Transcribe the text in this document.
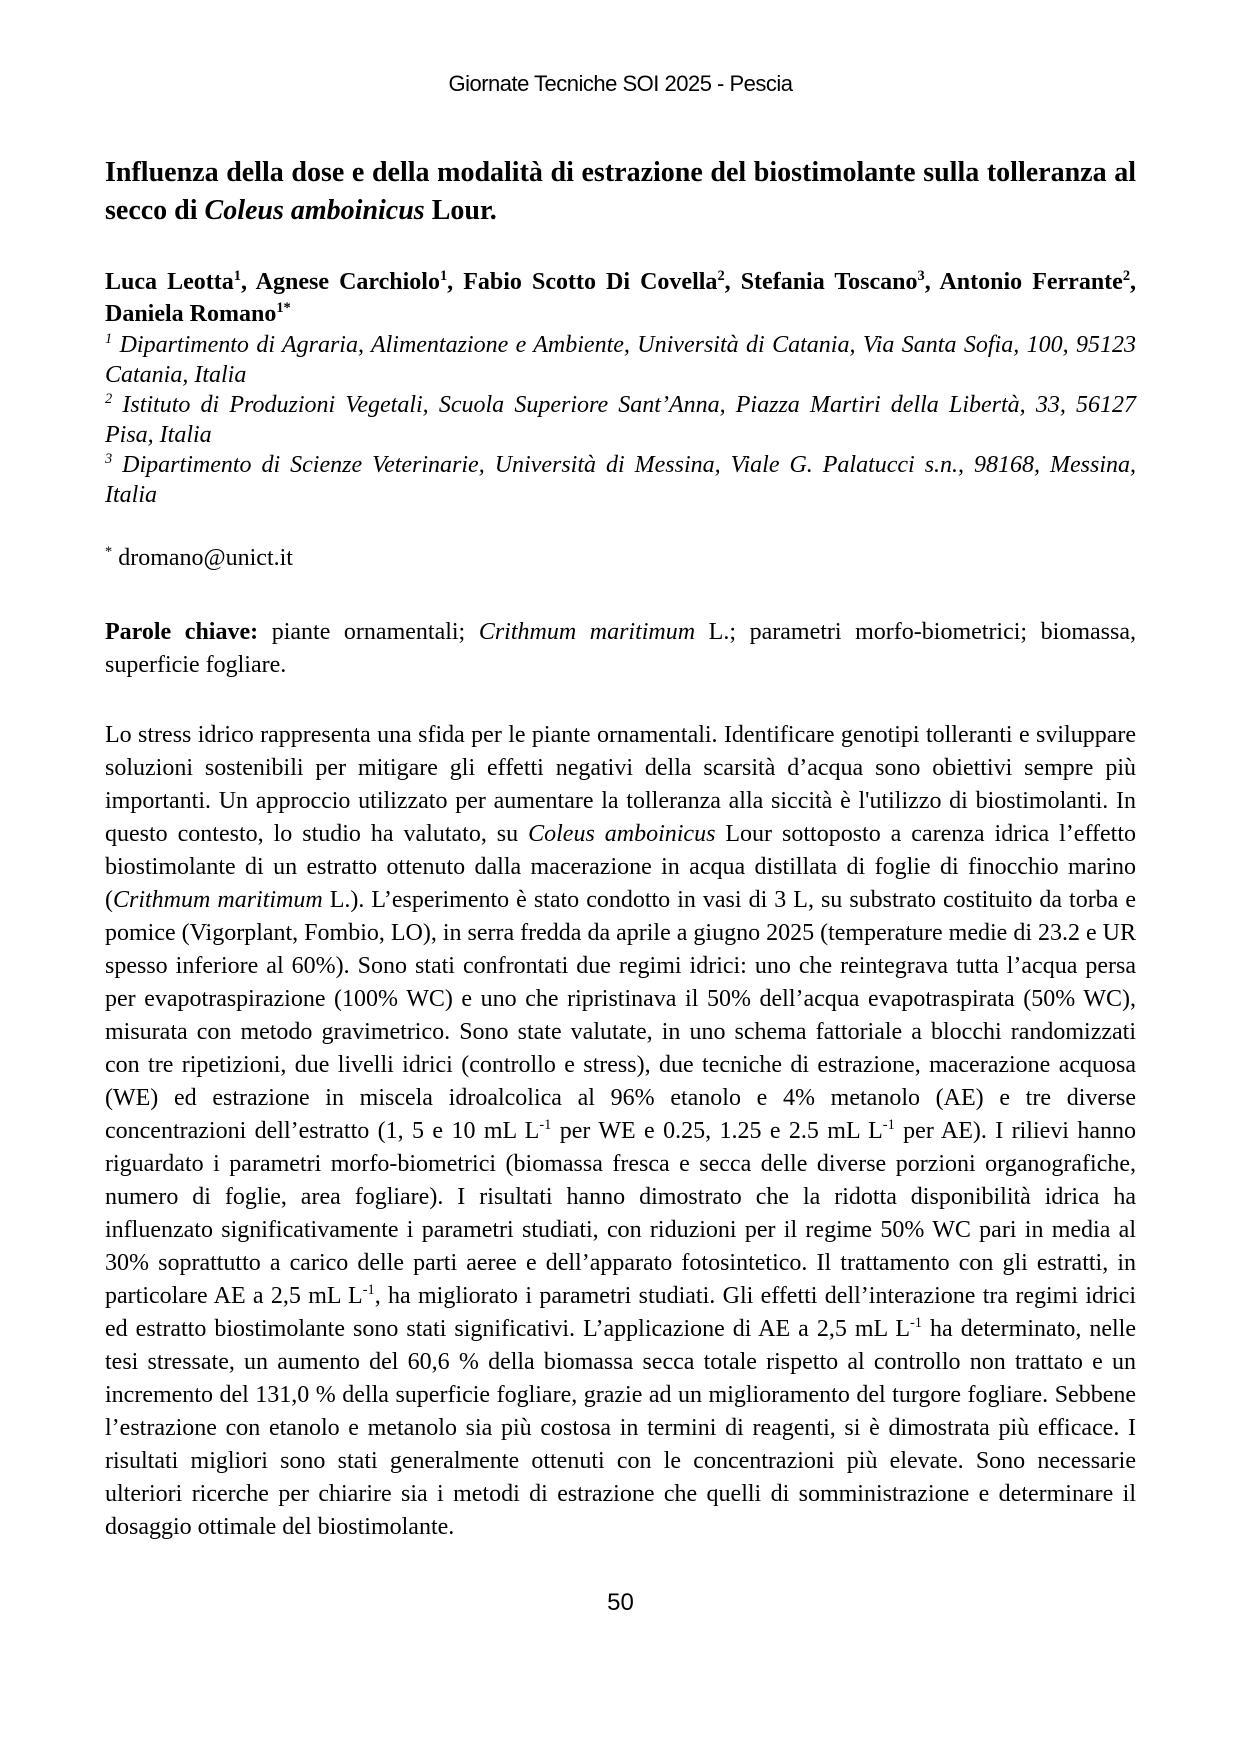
Giornate Tecniche SOI 2025 - Pescia
Influenza della dose e della modalità di estrazione del biostimolante sulla tolleranza al secco di Coleus amboinicus Lour.
Luca Leotta$^1$, Agnese Carchiolo$^1$, Fabio Scotto Di Covella$^2$, Stefania Toscano$^3$, Antonio Ferrante$^2$, Daniela Romano$^{1*}$
$^1$ Dipartimento di Agraria, Alimentazione e Ambiente, Università di Catania, Via Santa Sofia, 100, 95123 Catania, Italia
$^2$ Istituto di Produzioni Vegetali, Scuola Superiore Sant’Anna, Piazza Martiri della Libertà, 33, 56127 Pisa, Italia
$^3$ Dipartimento di Scienze Veterinarie, Università di Messina, Viale G. Palatucci s.n., 98168, Messina, Italia
* dromano@unict.it
Parole chiave: piante ornamentali; Crithmum maritimum L.; parametri morfo-biometrici; biomassa, superficie fogliare.
Lo stress idrico rappresenta una sfida per le piante ornamentali. Identificare genotipi tolleranti e sviluppare soluzioni sostenibili per mitigare gli effetti negativi della scarsità d’acqua sono obiettivi sempre più importanti. Un approccio utilizzato per aumentare la tolleranza alla siccità è l'utilizzo di biostimolanti. In questo contesto, lo studio ha valutato, su Coleus amboinicus Lour sottoposto a carenza idrica l’effetto biostimolante di un estratto ottenuto dalla macerazione in acqua distillata di foglie di finocchio marino (Crithmum maritimum L.). L’esperimento è stato condotto in vasi di 3 L, su substrato costituito da torba e pomice (Vigorplant, Fombio, LO), in serra fredda da aprile a giugno 2025 (temperature medie di 23.2 e UR spesso inferiore al 60%). Sono stati confrontati due regimi idrici: uno che reintegrava tutta l’acqua persa per evapotraspirazione (100% WC) e uno che ripristinava il 50% dell’acqua evapotraspirata (50% WC), misurata con metodo gravimetrico. Sono state valutate, in uno schema fattoriale a blocchi randomizzati con tre ripetizioni, due livelli idrici (controllo e stress), due tecniche di estrazione, macerazione acquosa (WE) ed estrazione in miscela idroalcolica al 96% etanolo e 4% metanolo (AE) e tre diverse concentrazioni dell’estratto (1, 5 e 10 mL $L^{-1}$ per WE e 0.25, 1.25 e 2.5 mL $L^{-1}$ per AE). I rilievi hanno riguardato i parametri morfo-biometrici (biomassa fresca e secca delle diverse porzioni organografiche, numero di foglie, area fogliare). I risultati hanno dimostrato che la ridotta disponibilità idrica ha influenzato significativamente i parametri studiati, con riduzioni per il regime 50% WC pari in media al 30% soprattutto a carico delle parti aeree e dell’apparato fotosintetico. Il trattamento con gli estratti, in particolare AE a 2,5 mL $L^{-1}$, ha migliorato i parametri studiati. Gli effetti dell’interazione tra regimi idrici ed estratto biostimolante sono stati significativi. L’applicazione di AE a 2,5 mL $L^{-1}$ ha determinato, nelle tesi stressate, un aumento del 60,6 % della biomassa secca totale rispetto al controllo non trattato e un incremento del 131,0 % della superficie fogliare, grazie ad un miglioramento del turgore fogliare. Sebbene l’estrazione con etanolo e metanolo sia più costosa in termini di reagenti, si è dimostrata più efficace. I risultati migliori sono stati generalmente ottenuti con le concentrazioni più elevate. Sono necessarie ulteriori ricerche per chiarire sia i metodi di estrazione che quelli di somministrazione e determinare il dosaggio ottimale del biostimolante.
50
